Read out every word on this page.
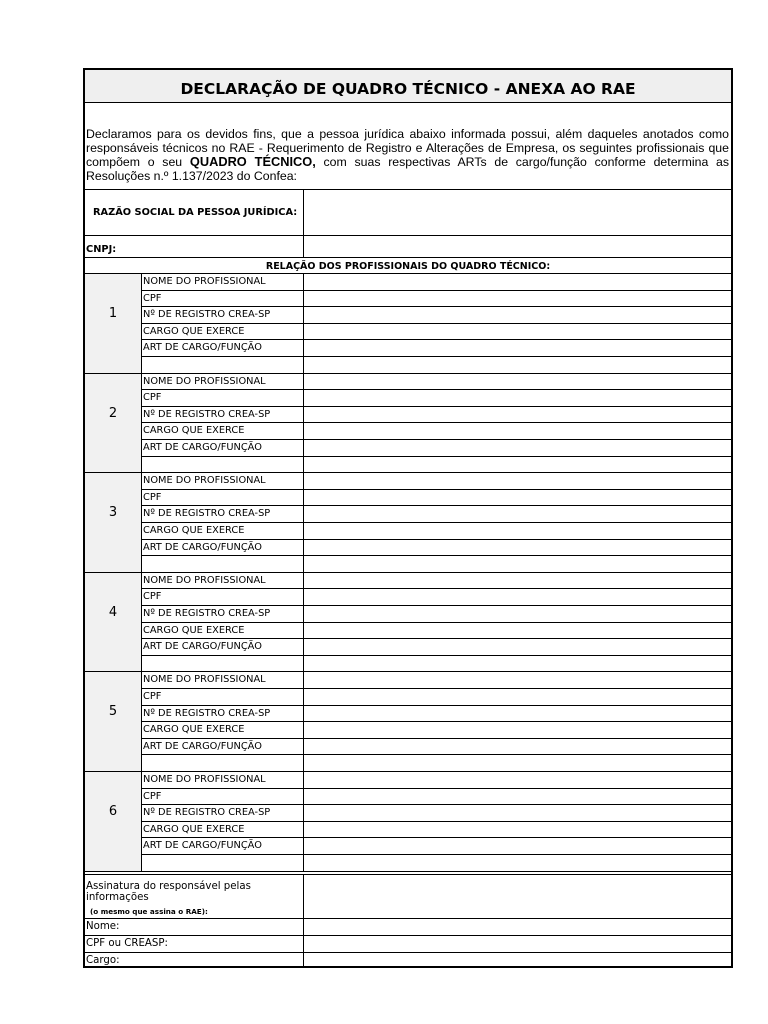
DECLARAÇÃO DE QUADRO TÉCNICO - ANEXA AO RAE
Declaramos para os devidos fins, que a pessoa jurídica abaixo informada possui, além daqueles anotados como responsáveis técnicos no RAE - Requerimento de Registro e Alterações de Empresa, os seguintes profissionais que compõem o seu QUADRO TÉCNICO, com suas respectivas ARTs de cargo/função conforme determina as Resoluções n.º 1.137/2023 do Confea:
RAZÃO SOCIAL DA PESSOA JURÍDICA:
CNPJ:
RELAÇÃO DOS PROFISSIONAIS DO QUADRO TÉCNICO:
1
NOME DO PROFISSIONAL
CPF
Nº DE REGISTRO CREA-SP
CARGO QUE EXERCE
ART DE CARGO/FUNÇÃO
2
NOME DO PROFISSIONAL
CPF
Nº DE REGISTRO CREA-SP
CARGO QUE EXERCE
ART DE CARGO/FUNÇÃO
3
NOME DO PROFISSIONAL
CPF
Nº DE REGISTRO CREA-SP
CARGO QUE EXERCE
ART DE CARGO/FUNÇÃO
4
NOME DO PROFISSIONAL
CPF
Nº DE REGISTRO CREA-SP
CARGO QUE EXERCE
ART DE CARGO/FUNÇÃO
5
NOME DO PROFISSIONAL
CPF
Nº DE REGISTRO CREA-SP
CARGO QUE EXERCE
ART DE CARGO/FUNÇÃO
6
NOME DO PROFISSIONAL
CPF
Nº DE REGISTRO CREA-SP
CARGO QUE EXERCE
ART DE CARGO/FUNÇÃO
Assinatura do responsável pelas informações
(o mesmo que assina o RAE):
Nome:
CPF ou CREASP:
Cargo:
